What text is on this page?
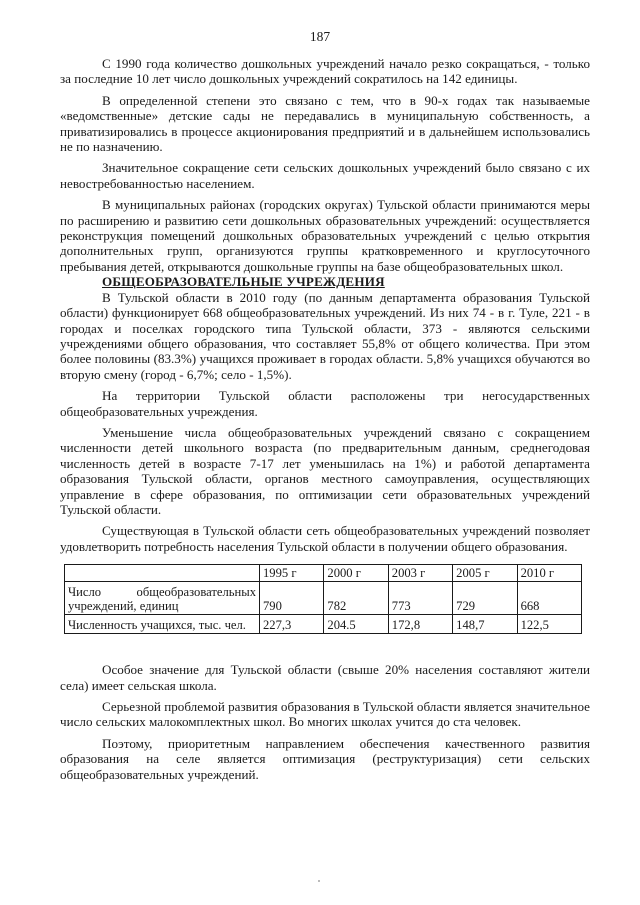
187

С 1990 года количество дошкольных учреждений начало резко сокращаться, - только за последние 10 лет число дошкольных учреждений сократилось на 142 единицы.

В определенной степени это связано с тем, что в 90-х годах так называемые «ведомственные» детские сады не передавались в муниципальную собственность, а приватизировались в процессе акционирования предприятий и в дальнейшем использовались не по назначению.

Значительное сокращение сети сельских дошкольных учреждений было связано с их невостребованностью населением.

В муниципальных районах (городских округах) Тульской области принимаются меры по расширению и развитию сети дошкольных образовательных учреждений: осуществляется реконструкция помещений дошкольных образовательных учреждений с целью открытия дополнительных групп, организуются группы кратковременного и круглосуточного пребывания детей, открываются дошкольные группы на базе общеобразовательных школ.

ОБЩЕОБРАЗОВАТЕЛЬНЫЕ УЧРЕЖДЕНИЯ

В Тульской области в 2010 году (по данным департамента образования Тульской области) функционирует 668 общеобразовательных учреждений. Из них 74 - в г. Туле, 221 - в городах и поселках городского типа Тульской области, 373 - являются сельскими учреждениями общего образования, что составляет 55,8% от общего количества. При этом более половины (83.3%) учащихся проживает в городах области. 5,8% учащихся обучаются во вторую смену (город - 6,7%; село - 1,5%).

На территории Тульской области расположены три негосударственных общеобразовательных учреждения.

Уменьшение числа общеобразовательных учреждений связано с сокращением численности детей школьного возраста (по предварительным данным, среднегодовая численность детей в возрасте 7-17 лет уменьшилась на 1%) и работой департамента образования Тульской области, органов местного самоуправления, осуществляющих управление в сфере образования, по оптимизации сети образовательных учреждений Тульской области.

Существующая в Тульской области сеть общеобразовательных учреждений позволяет удовлетворить потребность населения Тульской области в получении общего образования.

	1995 г	2000 г	2003 г	2005 г	2010 г
Число общеобразовательных учреждений, единиц	790	782	773	729	668
Численность учащихся, тыс. чел.	227,3	204.5	172,8	148,7	122,5

Особое значение для Тульской области (свыше 20% населения составляют жители села) имеет сельская школа.

Серьезной проблемой развития образования в Тульской области является значительное число сельских малокомплектных школ. Во многих школах учится до ста человек.

Поэтому, приоритетным направлением обеспечения качественного развития образования на селе является оптимизация (реструктуризация) сети сельских общеобразовательных учреждений.
